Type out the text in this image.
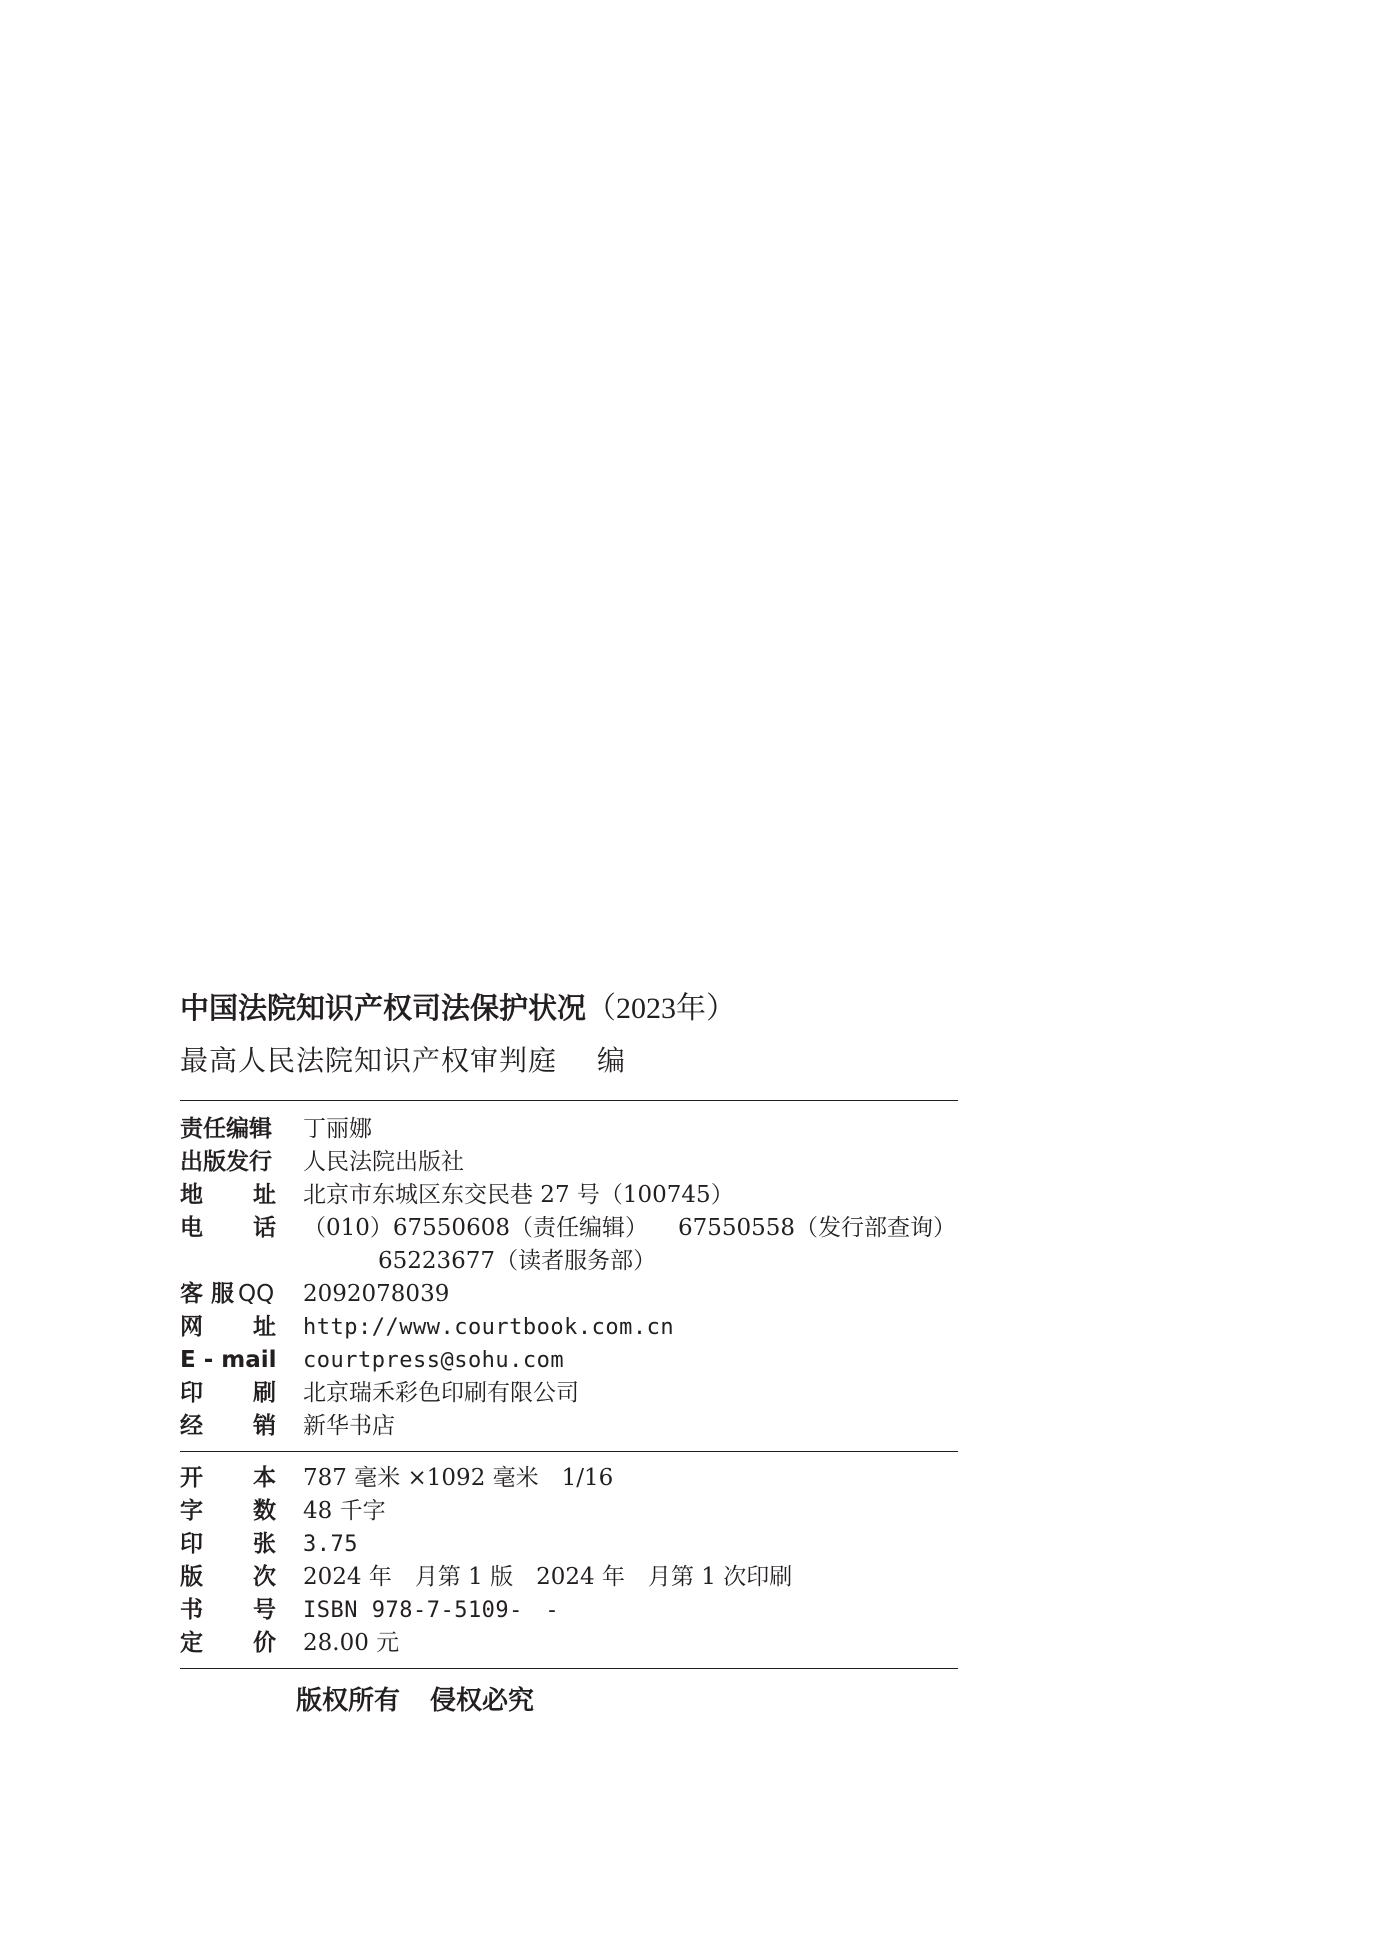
中国法院知识产权司法保护状况（2023年）
最高人民法院知识产权审判庭 编
责任编辑 丁丽娜
出版发行 人民法院出版社
地 址 北京市东城区东交民巷 27 号（100745）
电 话 （010）67550608（责任编辑） 67550558（发行部查询）
65223677（读者服务部）
客 服 QQ 2092078039
网 址 http://www.courtbook.com.cn
E - mail courtpress@sohu.com
印 刷 北京瑞禾彩色印刷有限公司
经 销 新华书店
开 本 787 毫米 ×1092 毫米　1/16
字 数 48 千字
印 张 3.75
版 次 2024 年　月第 1 版　2024 年　月第 1 次印刷
书 号 ISBN 978-7-5109-　-
定 价 28.00 元
版权所有 侵权必究
